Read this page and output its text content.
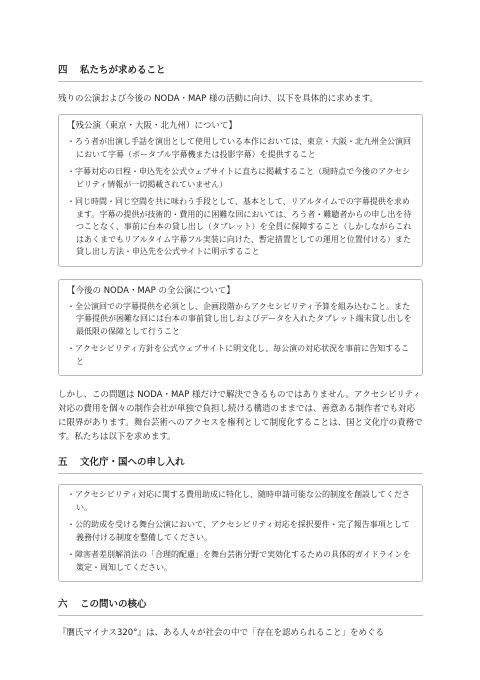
四	私たちが求めること

残りの公演および今後の NODA・MAP 様の活動に向け、以下を具体的に求めます。

【残公演（東京・大阪・北九州）について】

・ろう者が出演し手話を演出として使用している本作においては、東京・大阪・北九州全公演回において字幕（ポータブル字幕機または投影字幕）を提供すること
・字幕対応の日程・申込先を公式ウェブサイトに直ちに掲載すること（現時点で今後のアクセシビリティ情報が一切掲載されていません）
・同じ時間・同じ空間を共に味わう手段として、基本として、リアルタイムでの字幕提供を求めます。字幕の提供が技術的・費用的に困難な回においては、ろう者・難聴者からの申し出を待つことなく、事前に台本の貸し出し（タブレット）を全員に保障すること（しかしながらこれはあくまでもリアルタイム字幕フル実装に向けた、暫定措置としての運用と位置付ける）また貸し出し方法・申込先を公式サイトに明示すること

【今後の NODA・MAP の全公演について】

・全公演回での字幕提供を必須とし、企画段階からアクセシビリティ予算を組み込むこと。また字幕提供が困難な回には台本の事前貸し出しおよびデータを入れたタブレット端末貸し出しを最低限の保障として行うこと
・アクセシビリティ方針を公式ウェブサイトに明文化し、毎公演の対応状況を事前に告知すること

しかし、この問題は NODA・MAP 様だけで解決できるものではありません。アクセシビリティ対応の費用を個々の制作会社が単独で負担し続ける構造のままでは、善意ある制作者でも対応に限界があります。舞台芸術へのアクセスを権利として制度化することは、国と文化庁の責務です。私たちは以下を求めます。

五	文化庁・国への申し入れ
・アクセシビリティ対応に関する費用助成に特化し、随時申請可能な公的制度を創設してください。
・公的助成を受ける舞台公演において、アクセシビリティ対応を採択要件・完了報告事項として義務付ける制度を整備してください。
・障害者差別解消法の「合理的配慮」を舞台芸術分野で実効化するための具体的ガイドラインを策定・周知してください。
六	この問いの核心

『贋氏マイナス320°』は、ある人々が社会の中で「存在を認められること」をめぐる
